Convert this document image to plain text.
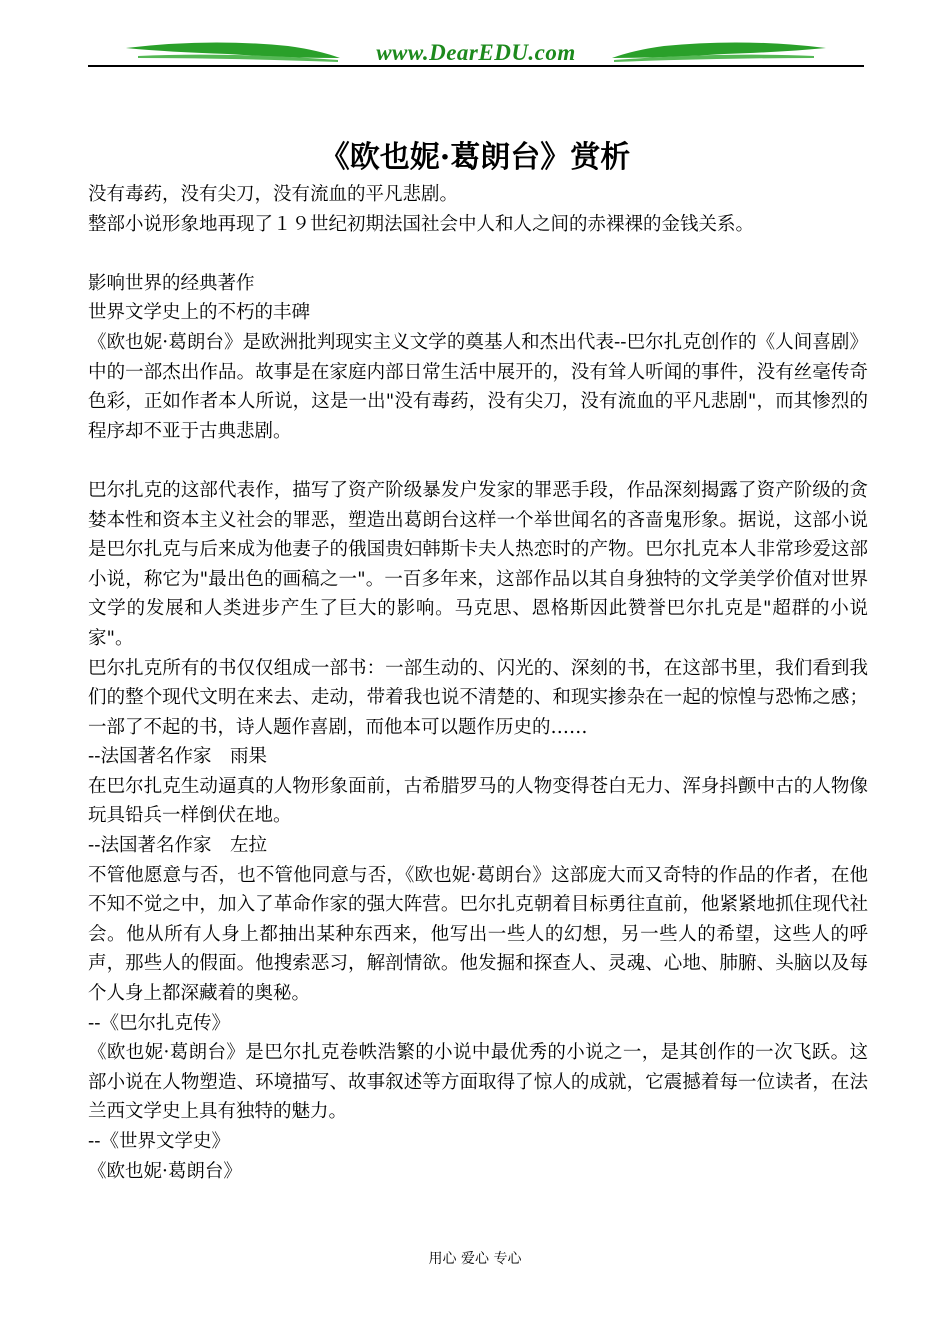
www.DearEDU.com
《欧也妮·葛朗台》赏析

没有毒药，没有尖刀，没有流血的平凡悲剧。

整部小说形象地再现了１９世纪初期法国社会中人和人之间的赤裸裸的金钱关系。

影响世界的经典著作

世界文学史上的不朽的丰碑

《欧也妮·葛朗台》是欧洲批判现实主义文学的奠基人和杰出代表--巴尔扎克创作的《人间喜剧》中的一部杰出作品。故事是在家庭内部日常生活中展开的，没有耸人听闻的事件，没有丝毫传奇色彩，正如作者本人所说，这是一出"没有毒药，没有尖刀，没有流血的平凡悲剧"，而其惨烈的程序却不亚于古典悲剧。

巴尔扎克的这部代表作，描写了资产阶级暴发户发家的罪恶手段，作品深刻揭露了资产阶级的贪婪本性和资本主义社会的罪恶，塑造出葛朗台这样一个举世闻名的吝啬鬼形象。据说，这部小说是巴尔扎克与后来成为他妻子的俄国贵妇韩斯卡夫人热恋时的产物。巴尔扎克本人非常珍爱这部小说，称它为"最出色的画稿之一"。一百多年来，这部作品以其自身独特的文学美学价值对世界文学的发展和人类进步产生了巨大的影响。马克思、恩格斯因此赞誉巴尔扎克是"超群的小说家"。

巴尔扎克所有的书仅仅组成一部书：一部生动的、闪光的、深刻的书，在这部书里，我们看到我们的整个现代文明在来去、走动，带着我也说不清楚的、和现实掺杂在一起的惊惶与恐怖之感；一部了不起的书，诗人题作喜剧，而他本可以题作历史的……

--法国著名作家　雨果

在巴尔扎克生动逼真的人物形象面前，古希腊罗马的人物变得苍白无力、浑身抖颤中古的人物像玩具铅兵一样倒伏在地。

--法国著名作家　左拉

不管他愿意与否，也不管他同意与否，《欧也妮·葛朗台》这部庞大而又奇特的作品的作者，在他不知不觉之中，加入了革命作家的强大阵营。巴尔扎克朝着目标勇往直前，他紧紧地抓住现代社会。他从所有人身上都抽出某种东西来，他写出一些人的幻想，另一些人的希望，这些人的呼声，那些人的假面。他搜索恶习，解剖情欲。他发掘和探查人、灵魂、心地、肺腑、头脑以及每个人身上都深藏着的奥秘。

--《巴尔扎克传》

《欧也妮·葛朗台》是巴尔扎克卷帙浩繁的小说中最优秀的小说之一，是其创作的一次飞跃。这部小说在人物塑造、环境描写、故事叙述等方面取得了惊人的成就，它震撼着每一位读者，在法兰西文学史上具有独特的魅力。

--《世界文学史》

《欧也妮·葛朗台》

用心 爱心 专心
